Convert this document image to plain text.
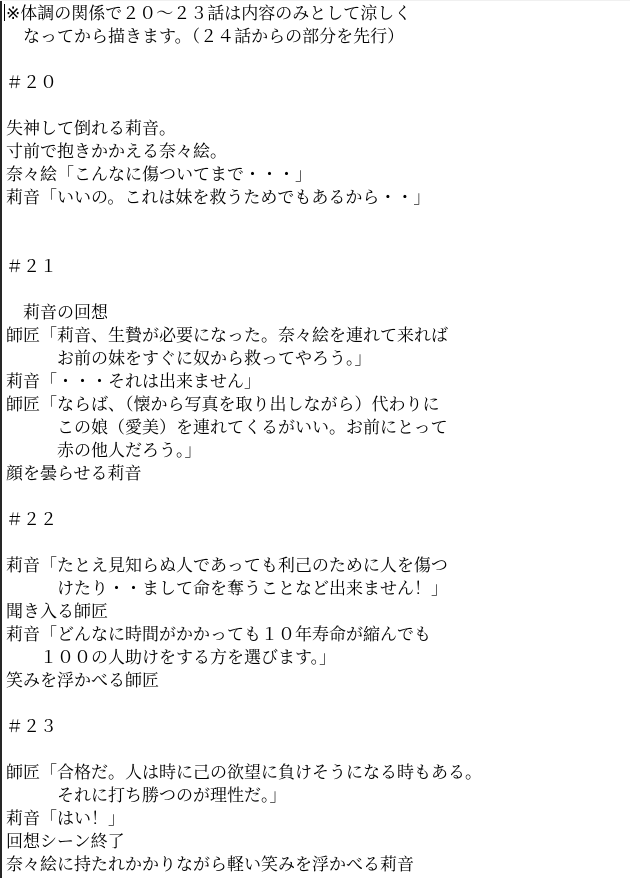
※体調の関係で２０～２３話は内容のみとして涼しく
　なってから描きます。（２４話からの部分を先行）

＃２０

失神して倒れる莉音。
寸前で抱きかかえる奈々絵。
奈々絵「こんなに傷ついてまで・・・」
莉音「いいの。これは妹を救うためでもあるから・・」

＃２１

　莉音の回想
師匠「莉音、生贄が必要になった。奈々絵を連れて来れば
　　　お前の妹をすぐに奴から救ってやろう。」
莉音「・・・それは出来ません」
師匠「ならば、（懐から写真を取り出しながら）代わりに
　　　この娘（愛美）を連れてくるがいい。お前にとって
　　　赤の他人だろう。」
顔を曇らせる莉音

＃２２

莉音「たとえ見知らぬ人であっても利己のために人を傷つ
　　　けたり・・まして命を奪うことなど出来ません！」
聞き入る師匠
莉音「どんなに時間がかかっても１０年寿命が縮んでも
　　１００の人助けをする方を選びます。」
笑みを浮かべる師匠

＃２３

師匠「合格だ。人は時に己の欲望に負けそうになる時もある。
　　　それに打ち勝つのが理性だ。」
莉音「はい！」
回想シーン終了
奈々絵に持たれかかりながら軽い笑みを浮かべる莉音
